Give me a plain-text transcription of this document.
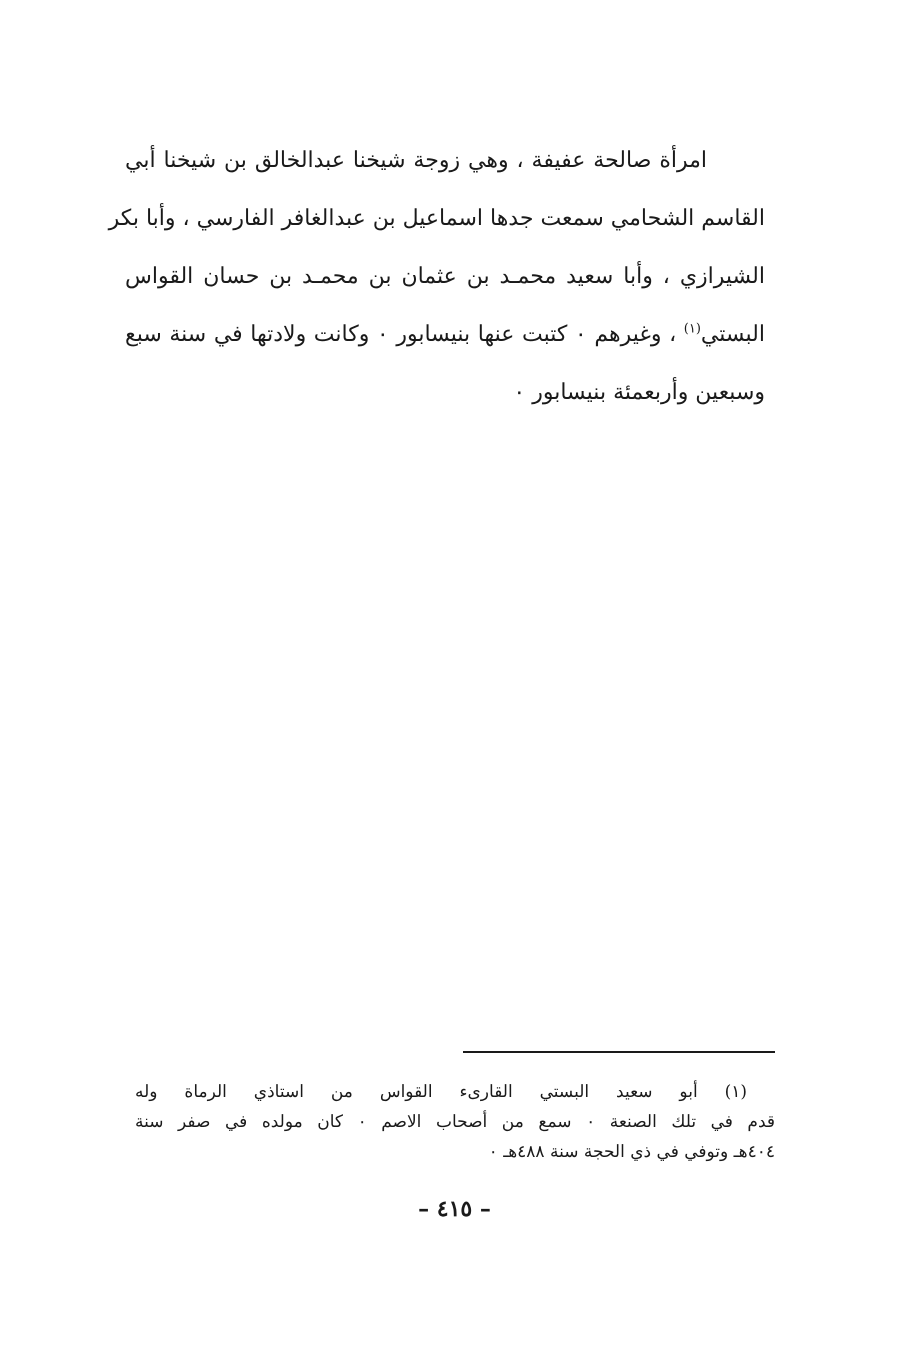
امرأة صالحة عفيفة ، وهي زوجة شيخنا عبدالخالق بن شيخنا أبي
القاسم الشحامي سمعت جدها اسماعيل بن عبدالغافر الفارسي ، وأبا بكر
الشيرازي ، وأبا سعيد محمـد بن عثمان بن محمـد بن حسان القواس
البستي$^{(١)}$ ، وغيرهم ٠ كتبت عنها بنيسابور ٠ وكانت ولادتها في سنة سبع
وسبعين وأربعمئة بنيسابور ٠
(١) أبو سعيد البستي القارىء القواس من استاذي الرماة وله
قدم في تلك الصنعة ٠ سمع من أصحاب الاصم ٠ كان مولده في صفر سنة
٤٠٤هـ وتوفي في ذي الحجة سنة ٤٨٨هـ ٠
– ٤١٥ –
